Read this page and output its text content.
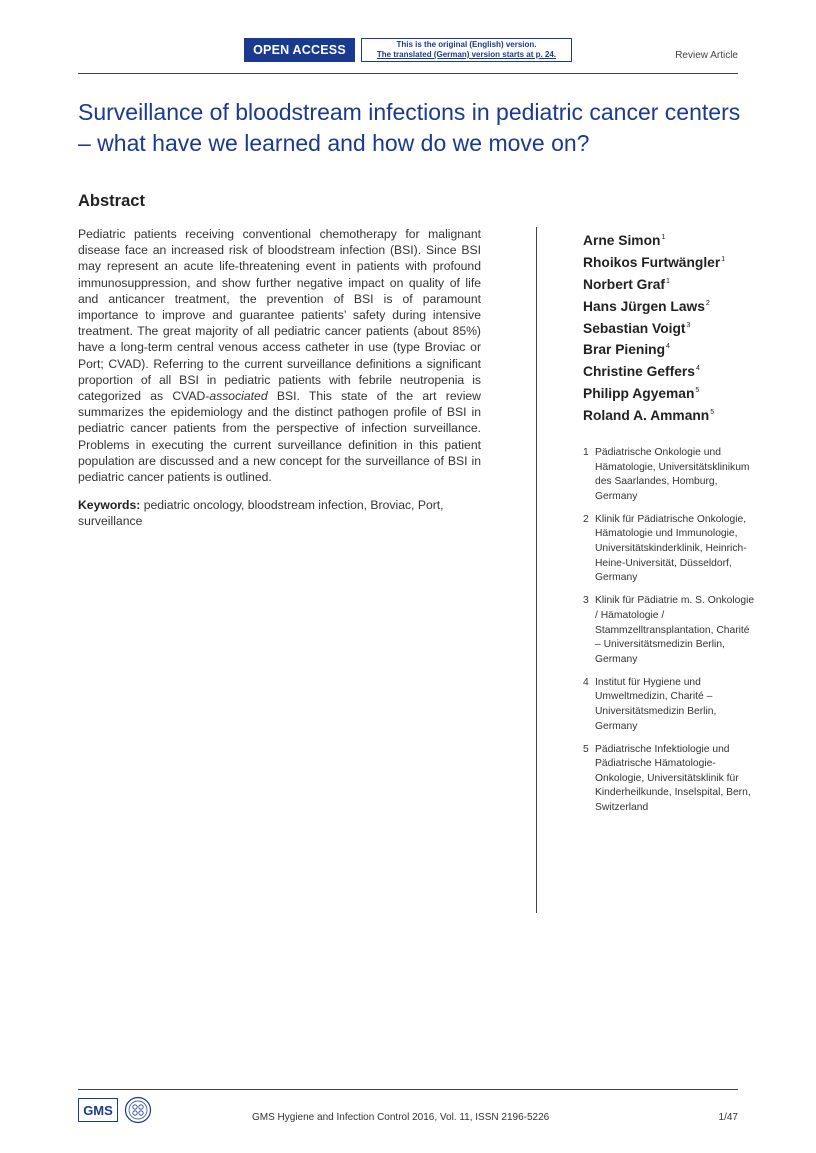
OPEN ACCESS	This is the original (English) version.
The translated (German) version starts at p. 24.	Review Article
Surveillance of bloodstream infections in pediatric cancer centers – what have we learned and how do we move on?
Abstract

Pediatric patients receiving conventional chemotherapy for malignant disease face an increased risk of bloodstream infection (BSI). Since BSI may represent an acute life-threatening event in patients with profound immunosuppression, and show further negative impact on quality of life and anticancer treatment, the prevention of BSI is of paramount importance to improve and guarantee patients’ safety during intensive treatment. The great majority of all pediatric cancer patients (about 85%) have a long-term central venous access catheter in use (type Broviac or Port; CVAD). Referring to the current surveillance definitions a significant proportion of all BSI in pediatric patients with febrile neutropenia is categorized as CVAD-associated BSI. This state of the art review summarizes the epidemiology and the distinct pathogen profile of BSI in pediatric cancer patients from the perspective of infection surveillance. Problems in executing the current surveillance definition in this patient population are discussed and a new concept for the surveillance of BSI in pediatric cancer patients is outlined.

Keywords: pediatric oncology, bloodstream infection, Broviac, Port, surveillance

Arne Simon$^1$
Rhoikos Furtwängler$^1$
Norbert Graf$^1$
Hans Jürgen Laws$^2$
Sebastian Voigt$^3$
Brar Piening$^4$
Christine Geffers$^4$
Philipp Agyeman$^5$
Roland A. Ammann$^5$
1 Pädiatrische Onkologie und Hämatologie, Universitätsklinikum des Saarlandes, Homburg, Germany
2 Klinik für Pädiatrische Onkologie, Hämatologie und Immunologie, Universitätskinderklinik, Heinrich-Heine-Universität, Düsseldorf, Germany
3 Klinik für Pädiatrie m. S. Onkologie / Hämatologie / Stammzelltransplantation, Charité – Universitätsmedizin Berlin, Germany
4 Institut für Hygiene und Umweltmedizin, Charité – Universitätsmedizin Berlin, Germany
5 Pädiatrische Infektiologie und Pädiatrische Hämatologie-Onkologie, Universitätsklinik für Kinderheilkunde, Inselspital, Bern, Switzerland
GMS	GMS Hygiene and Infection Control 2016, Vol. 11, ISSN 2196-5226	1/47
